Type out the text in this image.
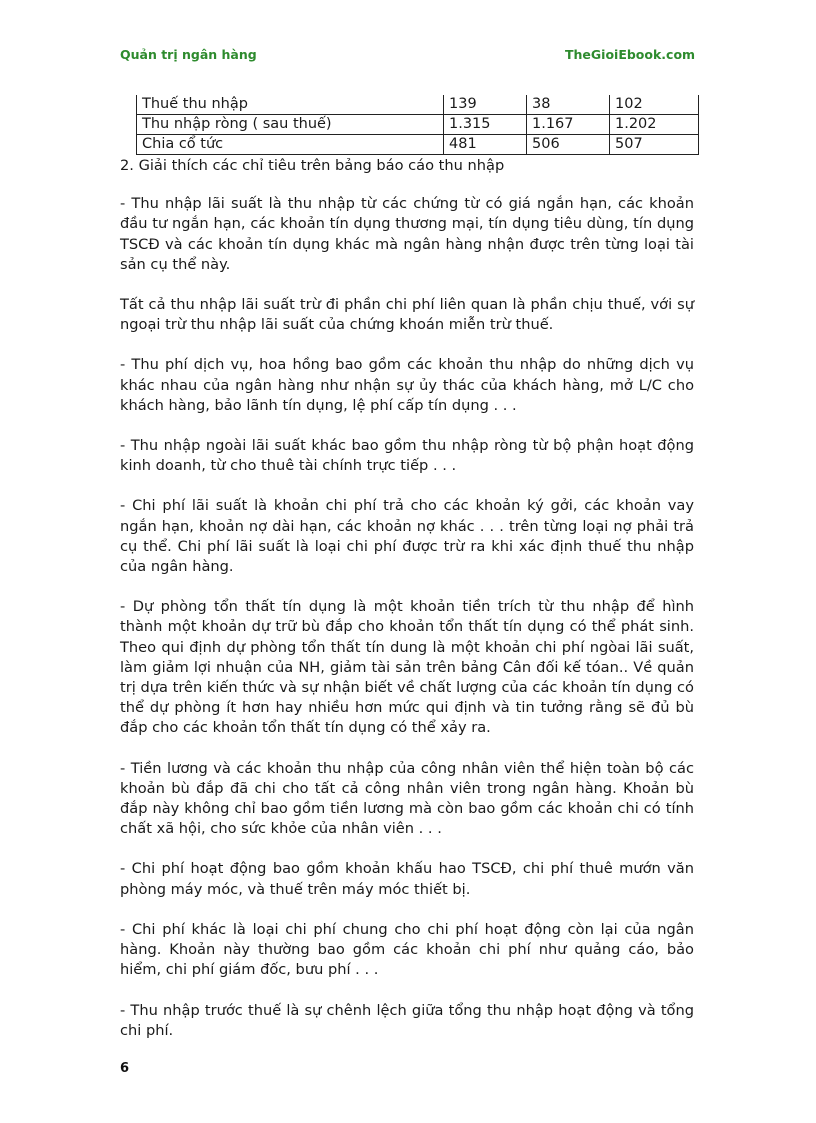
Quản trị ngân hàng	TheGioiEbook.com
Thuế thu nhập	139	38	102
Thu nhập ròng ( sau thuế)	1.315	1.167	1.202
Chia cổ tức	481	506	507

2. Giải thích các chỉ tiêu trên bảng báo cáo thu nhập

- Thu nhập lãi suất là thu nhập từ các chứng từ có giá ngắn hạn, các khoản đầu tư ngắn hạn, các khoản tín dụng thương mại, tín dụng tiêu dùng, tín dụng TSCĐ và các khoản tín dụng khác mà ngân hàng nhận được trên từng loại tài sản cụ thể này.

Tất cả thu nhập lãi suất trừ đi phần chi phí liên quan là phần chịu thuế, với sự ngoại trừ thu nhập lãi suất của chứng khoán miễn trừ thuế.

- Thu phí dịch vụ, hoa hồng bao gồm các khoản thu nhập do những dịch vụ khác nhau của ngân hàng như nhận sự ủy thác của khách hàng, mở L/C cho khách hàng, bảo lãnh tín dụng, lệ phí cấp tín dụng . . .

- Thu nhập ngoài lãi suất khác bao gồm thu nhập ròng từ bộ phận hoạt động kinh doanh, từ cho thuê tài chính trực tiếp . . .

- Chi phí lãi suất là khoản chi phí trả cho các khoản ký gởi, các khoản vay ngắn hạn, khoản nợ dài hạn, các khoản nợ khác . . . trên từng loại nợ phải trả cụ thể. Chi phí lãi suất là loại chi phí được trừ ra khi xác định thuế thu nhập của ngân hàng.

- Dự phòng tổn thất tín dụng là một khoản tiền trích từ thu nhập để hình thành một khoản dự trữ bù đắp cho khoản tổn thất tín dụng có thể phát sinh. Theo qui định dự phòng tổn thất tín dung là một khoản chi phí ngòai lãi suất, làm giảm lợi nhuận của NH, giảm tài sản trên bảng Cân đối kế tóan.. Về quản trị dựa trên kiến thức và sự nhận biết về chất lượng của các khoản tín dụng có thể dự phòng ít hơn hay nhiều hơn mức qui định và tin tưởng rằng sẽ đủ bù đắp cho các khoản tổn thất tín dụng có thể xảy ra.

- Tiền lương và các khoản thu nhập của công nhân viên thể hiện toàn bộ các khoản bù đắp đã chi cho tất cả công nhân viên trong ngân hàng. Khoản bù đắp này không chỉ bao gồm tiền lương mà còn bao gồm các khoản chi có tính chất xã hội, cho sức khỏe của nhân viên . . .

- Chi phí hoạt động bao gồm khoản khấu hao TSCĐ, chi phí thuê mướn văn phòng máy móc, và thuế trên máy móc thiết bị.

- Chi phí khác là loại chi phí chung cho chi phí hoạt động còn lại của ngân hàng. Khoản này thường bao gồm các khoản chi phí như quảng cáo, bảo hiểm, chi phí giám đốc, bưu phí . . .

- Thu nhập trước thuế là sự chênh lệch giữa tổng thu nhập hoạt động và tổng chi phí.

6
